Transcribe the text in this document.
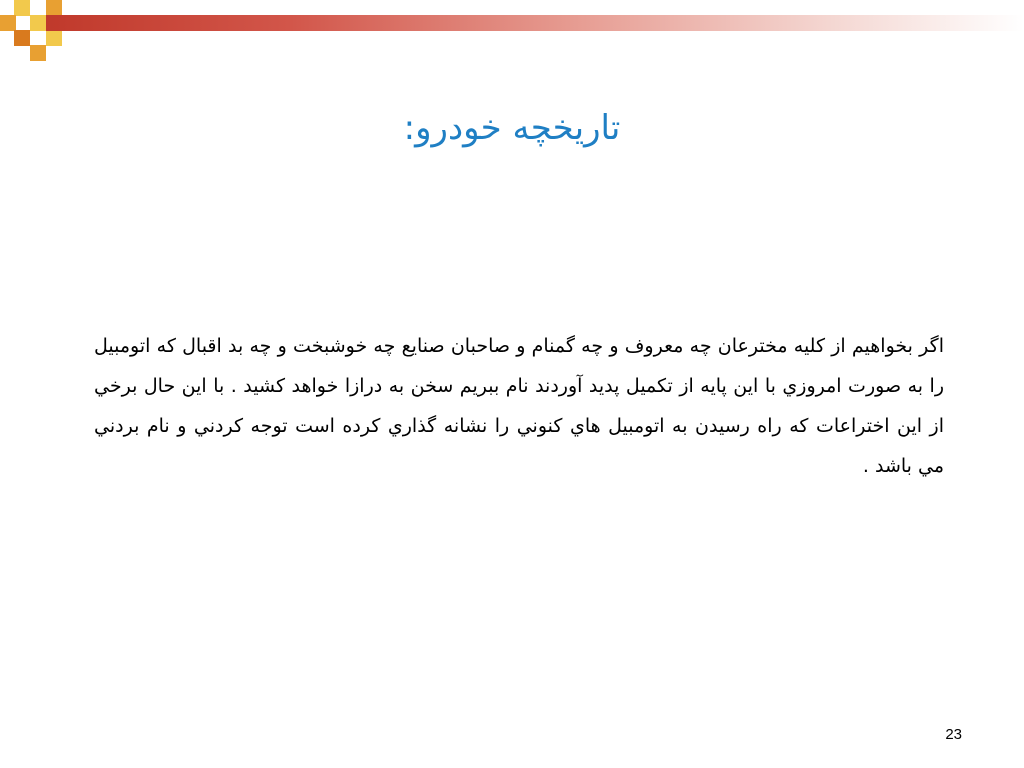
تاریخچه خودرو:

اگر بخواهيم از کليه مخترعان چه معروف و چه گمنام و صاحبان صنايع چه خوشبخت و چه بد اقبال که اتومبيل را به صورت امروزي با اين پايه از تکميل پديد آوردند نام ببريم سخن به درازا خواهد کشيد . با اين حال برخي از اين اختراعات که راه رسيدن به اتومبيل هاي کنوني را نشانه گذاري کرده است توجه کردني و نام بردني مي باشد .

23
